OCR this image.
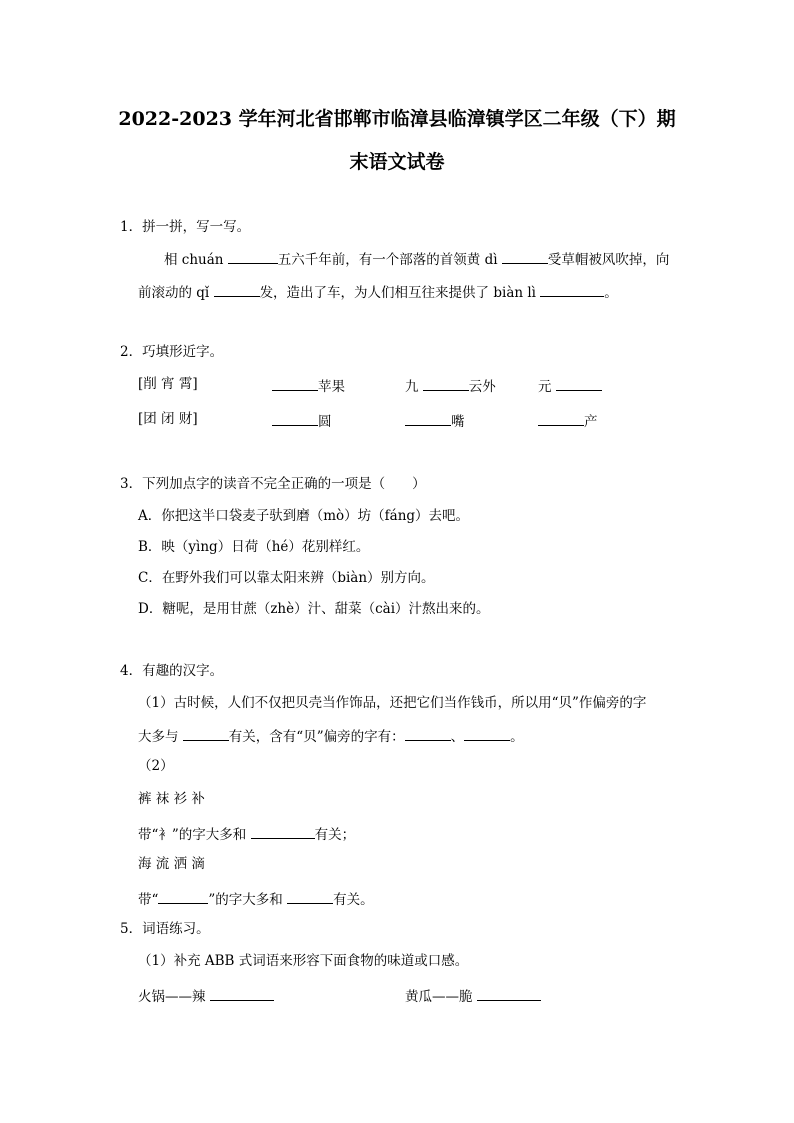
2022-2023 学年河北省邯郸市临漳县临漳镇学区二年级（下）期
末语文试卷
1．拼一拼，写一写。
相 chuán	五六千年前，有一个部落的首领黄 dì	受草帽被风吹掉，向
前滚动的 qǐ	发，造出了车，为人们相互往来提供了 biàn lì	。
2．巧填形近字。
[削 宵 霄]	苹果	九	云外	元
[团 闭 财]	圆	嘴	产
3．下列加点字的读音不完全正确的一项是（　　）
A．你把这半口袋麦子驮到磨（mò）坊（fáng）去吧。
B．映（yìng）日荷（hé）花别样红。
C．在野外我们可以靠太阳来辨（biàn）别方向。
D．糖呢，是用甘蔗（zhè）汁、甜菜（cài）汁熬出来的。
4．有趣的汉字。
（1）古时候，人们不仅把贝壳当作饰品，还把它们当作钱币，所以用“贝”作偏旁的字
大多与	有关，含有“贝”偏旁的字有：	、	。
（2）
裤 袜 衫 补
带“衤”的字大多和	有关；
海 流 洒 滴
带“	”的字大多和	有关。
5．词语练习。
（1）补充 ABB 式词语来形容下面食物的味道或口感。
火锅——辣	黄瓜——脆
